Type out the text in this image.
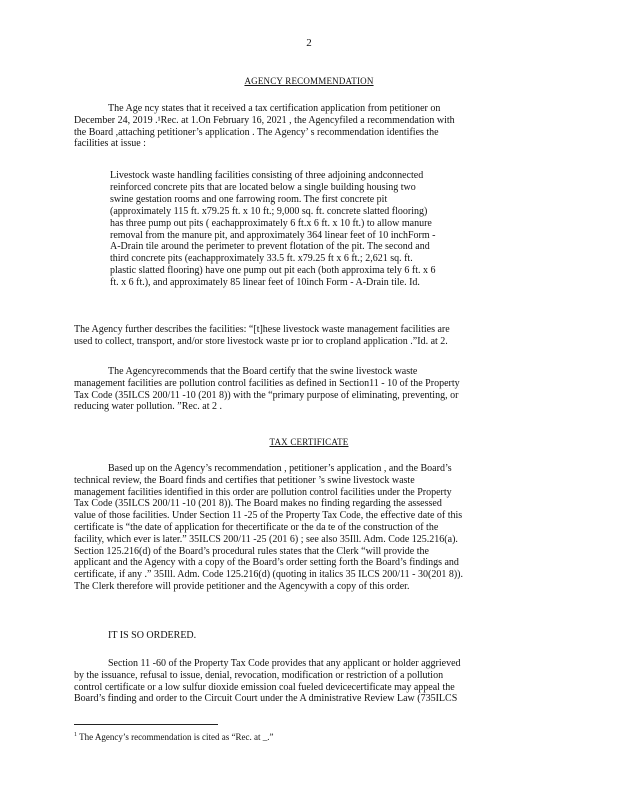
2
AGENCY RECOMMENDATION
The Age ncy states that it received a tax certification application from petitioner on
December 24, 2019 .¹Rec. at 1.On February 16, 2021 , the Agencyfiled a recommendation with
the Board ,attaching petitioner’s application . The Agency’ s recommendation identifies the
facilities at issue :
Livestock waste handling facilities consisting of three adjoining andconnected
reinforced concrete pits that are located below a single building housing two
swine gestation rooms and one farrowing room. The first concrete pit
(approximately 115 ft. x79.25 ft. x 10 ft.; 9,000 sq. ft. concrete slatted flooring)
has three pump out pits ( eachapproximately 6 ft.x 6 ft. x 10 ft.) to allow manure
removal from the manure pit, and approximately 364 linear feet of 10 inchForm -
A-Drain tile around the perimeter to prevent flotation of the pit. The second and
third concrete pits (eachapproximately 33.5 ft. x79.25 ft x 6 ft.; 2,621 sq. ft.
plastic slatted flooring) have one pump out pit each (both approxima tely 6 ft. x 6
ft. x 6 ft.), and approximately 85 linear feet of 10inch Form - A-Drain tile. Id.
The Agency further describes the facilities: “[t]hese livestock waste management facilities are
used to collect, transport, and/or store livestock waste pr ior to cropland application .”Id. at 2.
The Agencyrecommends that the Board certify that the swine livestock waste
management facilities are pollution control facilities as defined in Section11 - 10 of the Property
Tax Code (35ILCS 200/11 -10 (201 8)) with the “primary purpose of eliminating, preventing, or
reducing water pollution. ”Rec. at 2 .
TAX CERTIFICATE
Based up on the Agency’s recommendation , petitioner’s application , and the Board’s
technical review, the Board finds and certifies that petitioner ’s swine livestock waste
management facilities identified in this order are pollution control facilities under the Property
Tax Code (35ILCS 200/11 -10 (201 8)). The Board makes no finding regarding the assessed
value of those facilities. Under Section 11 -25 of the Property Tax Code, the effective date of this
certificate is “the date of application for thecertificate or the da te of the construction of the
facility, which ever is later.” 35ILCS 200/11 -25 (201 6) ; see also 35Ill. Adm. Code 125.216(a).
Section 125.216(d) of the Board’s procedural rules states that the Clerk “will provide the
applicant and the Agency with a copy of the Board’s order setting forth the Board’s findings and
certificate, if any .” 35Ill. Adm. Code 125.216(d) (quoting in italics 35 ILCS 200/11 - 30(201 8)).
The Clerk therefore will provide petitioner and the Agencywith a copy of this order.
IT IS SO ORDERED.
Section 11 -60 of the Property Tax Code provides that any applicant or holder aggrieved
by the issuance, refusal to issue, denial, revocation, modification or restriction of a pollution
control certificate or a low sulfur dioxide emission coal fueled devicecertificate may appeal the
Board’s finding and order to the Circuit Court under the A dministrative Review Law (735ILCS
$^1$ The Agency’s recommendation is cited as “Rec. at _.”
